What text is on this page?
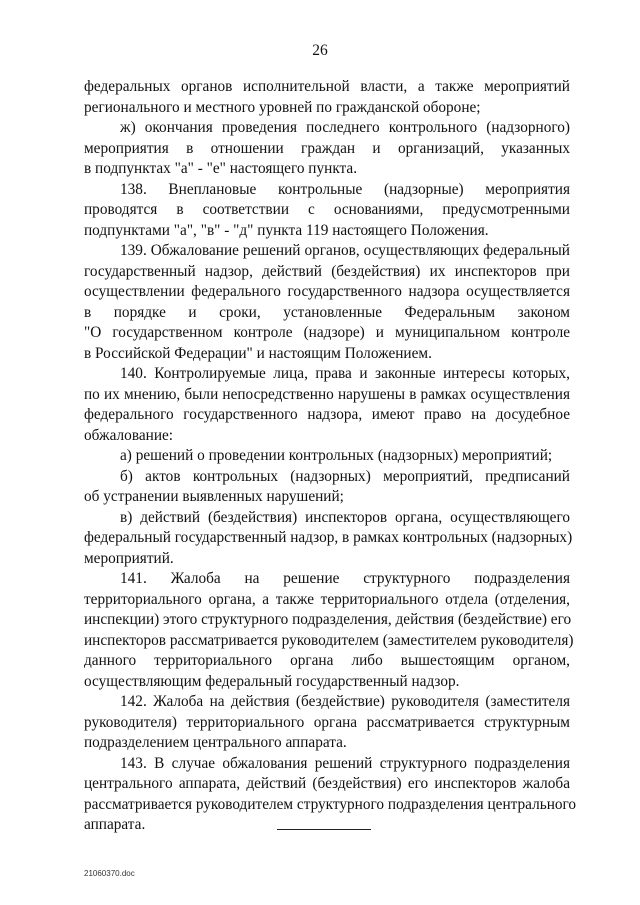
26
федеральных органов исполнительной власти, а также мероприятий
регионального и местного уровней по гражданской обороне;
ж) окончания проведения последнего контрольного (надзорного)
мероприятия в отношении граждан и организаций, указанных
в подпунктах "а" - "е" настоящего пункта.
138. Внеплановые контрольные (надзорные) мероприятия
проводятся в соответствии с основаниями, предусмотренными
подпунктами "а", "в" - "д" пункта 119 настоящего Положения.
139. Обжалование решений органов, осуществляющих федеральный
государственный надзор, действий (бездействия) их инспекторов при
осуществлении федерального государственного надзора осуществляется
в порядке и сроки, установленные Федеральным законом
"О государственном контроле (надзоре) и муниципальном контроле
в Российской Федерации" и настоящим Положением.
140. Контролируемые лица, права и законные интересы которых,
по их мнению, были непосредственно нарушены в рамках осуществления
федерального государственного надзора, имеют право на досудебное
обжалование:
а) решений о проведении контрольных (надзорных) мероприятий;
б) актов контрольных (надзорных) мероприятий, предписаний
об устранении выявленных нарушений;
в) действий (бездействия) инспекторов органа, осуществляющего
федеральный государственный надзор, в рамках контрольных (надзорных)
мероприятий.
141. Жалоба на решение структурного подразделения
территориального органа, а также территориального отдела (отделения,
инспекции) этого структурного подразделения, действия (бездействие) его
инспекторов рассматривается руководителем (заместителем руководителя)
данного территориального органа либо вышестоящим органом,
осуществляющим федеральный государственный надзор.
142. Жалоба на действия (бездействие) руководителя (заместителя
руководителя) территориального органа рассматривается структурным
подразделением центрального аппарата.
143. В случае обжалования решений структурного подразделения
центрального аппарата, действий (бездействия) его инспекторов жалоба
рассматривается руководителем структурного подразделения центрального
аппарата.
21060370.doc
